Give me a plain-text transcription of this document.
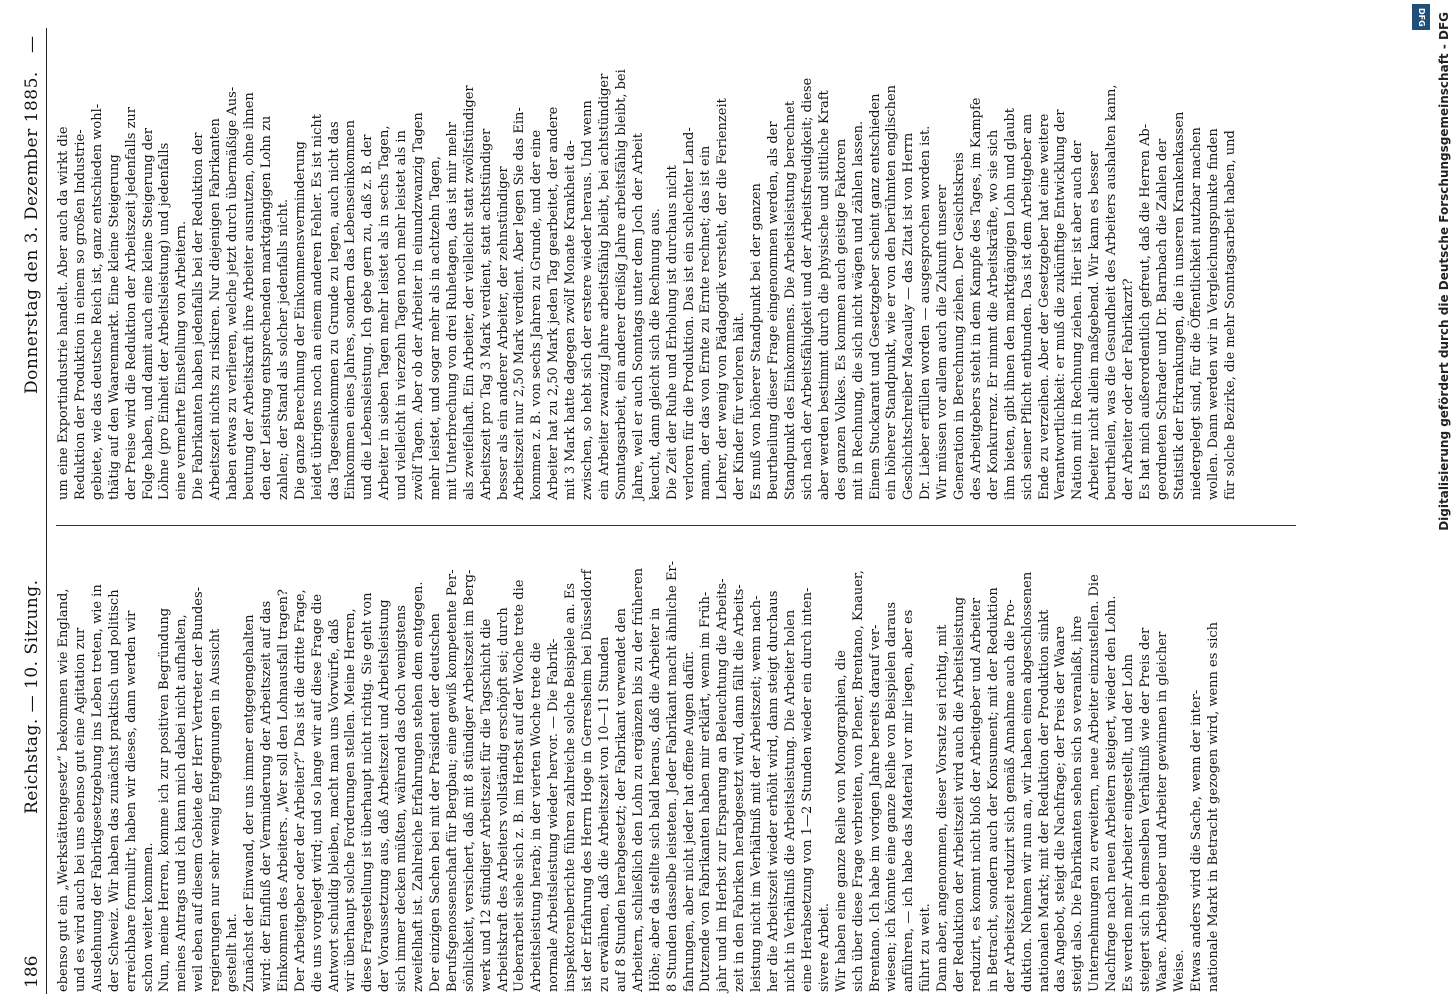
186
Reichstag. — 10. Sitzung.
Donnerstag den 3. Dezember 1885.
—
ebenso gut ein „Werkstättengesetz“ bekommen wie England, und es wird auch bei uns ebenso gut eine Agitation zur Ausdehnung der Fabrikgesetzgebung ins Leben treten, wie in der Schweiz. Wir haben das zunächst praktisch und politisch erreichbare formulirt; haben wir dieses, dann werden wir schon weiter kommen. Nun, meine Herren, komme ich zur positiven Begründung meines Antrags und ich kann mich dabei nicht aufhalten, weil eben auf diesem Gebiete der Herr Vertreter der Bundes- regierungen nur sehr wenig Entgegnungen in Aussicht gestellt hat. Zunächst der Einwand, der uns immer entgegengehalten wird: der Einfluß der Verminderung der Arbeitszeit auf das Einkommen des Arbeiters. „Wer soll den Lohnausfall tragen? Der Arbeitgeber oder der Arbeiter?“ Das ist die dritte Frage, die uns vorgelegt wird; und so lange wir auf diese Frage die Antwort schuldig bleiben, macht man uns Vorwürfe, daß wir überhaupt solche Forderungen stellen. Meine Herren, diese Fragestellung ist überhaupt nicht richtig. Sie geht von der Voraussetzung aus, daß Arbeitszeit und Arbeitsleistung sich immer decken müßten, während das doch wenigstens zweifelhaft ist. Zahlreiche Erfahrungen stehen dem entgegen. Der einzigen Sachen bei mit der Präsident der deutschen Berufsgenossenschaft für Bergbau; eine gewiß kompetente Per- sönlichkeit, versichert, daß mit 8 stündiger Arbeitszeit im Berg- werk und 12 stündiger Arbeitszeit für die Tagschicht die Arbeitskraft des Arbeiters vollständig erschöpft sei; durch Ueberarbeit siehe sich z. B. im Herbst auf der Woche trete die Arbeitsleistung herab; in der vierten Woche trete die normale Arbeitsleistung wieder hervor. — Die Fabrik- inspektorenberichte führen zahlreiche solche Beispiele an. Es ist der Erfahrung des Herrn Hoge in Gerresheim bei Düsseldorf zu erwähnen, daß die Arbeitszeit von 10—11 Stunden auf 8 Stunden herabgesetzt; der Fabrikant verwendet den Arbeitern, schließlich den Lohn zu ergänzen bis zu der früheren Höhe; aber da stellte sich bald heraus, daß die Arbeiter in 8 Stunden dasselbe leisteten. Jeder Fabrikant macht ähnliche Er- fahrungen, aber nicht jeder hat offene Augen dafür. Dutzende von Fabrikanten haben mir erklärt, wenn im Früh- jahr und im Herbst zur Ersparung an Beleuchtung die Arbeits- zeit in den Fabriken herabgesetzt wird, dann fällt die Arbeits- leistung nicht im Verhältniß mit der Arbeitszeit; wenn nach- her die Arbeitszeit wieder erhöht wird, dann steigt durchaus nicht in Verhältniß die Arbeitsleistung. Die Arbeiter holen eine Herabsetzung von 1—2 Stunden wieder ein durch inten- sivere Arbeit. Wir haben eine ganze Reihe von Monographien, die sich über diese Frage verbreiten, von Plener, Brentano, Knauer, Brentano. Ich habe im vorigen Jahre bereits darauf ver- wiesen; ich könnte eine ganze Reihe von Beispielen daraus anführen, — ich habe das Material vor mir liegen, aber es führt zu weit. Dann aber, angenommen, dieser Vorsatz sei richtig, mit der Reduktion der Arbeitszeit wird auch die Arbeitsleistung reduzirt, es kommt nicht bloß der Arbeitgeber und Arbeiter in Betracht, sondern auch der Konsument; mit der Reduktion der Arbeitszeit reduzirt sich gemäß Annahme auch die Pro- duktion. Nehmen wir nun an, wir haben einen abgeschlossenen nationalen Markt; mit der Reduktion der Produktion sinkt das Angebot, steigt die Nachfrage; der Preis der Waare steigt also. Die Fabrikanten sehen sich so veranlaßt, ihre Unternehmungen zu erweitern, neue Arbeiter einzustellen. Die Nachfrage nach neuen Arbeitern steigert, wieder den Lohn. Es werden mehr Arbeiter eingestellt, und der Lohn steigert sich in demselben Verhältniß wie der Preis der Waare. Arbeitgeber und Arbeiter gewinnen in gleicher Weise. Etwas anders wird die Sache, wenn der inter- nationale Markt in Betracht gezogen wird, wenn es sich
um eine Exportindustrie handelt. Aber auch da wirkt die Reduktion der Produktion in einem so großen Industrie- gebiete, wie das deutsche Reich ist, ganz entschieden wohl- thätig auf den Waarenmarkt. Eine kleine Steigerung der Preise wird die Reduktion der Arbeitszeit jedenfalls zur Folge haben, und damit auch eine kleine Steigerung der Löhne (pro Einheit der Arbeitsleistung) und jedenfalls eine vermehrte Einstellung von Arbeitern. Die Fabrikanten haben jedenfalls bei der Reduktion der Arbeitszeit nichts zu riskiren. Nur diejenigen Fabrikanten haben etwas zu verlieren, welche jetzt durch übermäßige Aus- beutung der Arbeitskraft ihre Arbeiter ausnutzen, ohne ihnen den der Leistung entsprechenden marktgängigen Lohn zu zahlen; der Stand als solcher jedenfalls nicht. Die ganze Berechnung der Einkommensverminderung leidet übrigens noch an einem anderen Fehler. Es ist nicht das Tageseinkommen zu Grunde zu legen, auch nicht das Einkommen eines Jahres, sondern das Lebenseinkommen und die Lebensleistung. Ich gebe gern zu, daß z. B. der Arbeiter in sieben Tagen mehr leistet als in sechs Tagen, und vielleicht in vierzehn Tagen noch mehr leistet als in zwölf Tagen. Aber ob der Arbeiter in einundzwanzig Tagen mehr leistet, und sogar mehr als in achtzehn Tagen, mit Unterbrechung von drei Ruhetagen, das ist mir mehr als zweifelhaft. Ein Arbeiter, der vielleicht statt zwölfstündiger Arbeitszeit pro Tag 3 Mark verdient, statt achtstündiger besser als ein anderer Arbeiter, der zehnstündiger Arbeitszeit nur 2,50 Mark verdient. Aber legen Sie das Ein- kommen z. B. von sechs Jahren zu Grunde, und der eine Arbeiter hat zu 2,50 Mark jeden Tag gearbeitet, der andere mit 3 Mark hatte dagegen zwölf Monate Krankheit da- zwischen, so hebt sich der erstere wieder heraus. Und wenn ein Arbeiter zwanzig Jahre arbeitsfähig bleibt, bei achtstündiger Sonntagsarbeit, ein anderer dreißig Jahre arbeitsfähig bleibt, bei Jahre, weil er auch Sonntags unter dem Joch der Arbeit keucht, dann gleicht sich die Rechnung aus. Die Zeit der Ruhe und Erholung ist durchaus nicht verloren für die Produktion. Das ist ein schlechter Land- mann, der das von Ernte zu Ernte rechnet; das ist ein Lehrer, der wenig von Pädagogik versteht, der die Ferienzeit der Kinder für verloren hält. Es muß von höherer Standpunkt bei der ganzen Beurtheilung dieser Frage eingenommen werden, als der Standpunkt des Einkommens. Die Arbeitsleistung berechnet sich nach der Arbeitsfähigkeit und der Arbeitsfreudigkeit; diese aber werden bestimmt durch die physische und sittliche Kraft des ganzen Volkes. Es kommen auch geistige Faktoren mit in Rechnung, die sich nicht wägen und zählen lassen. Einem Stuckarant und Gesetzgeber scheint ganz entschieden ein höherer Standpunkt, wie er von den berühmten englischen Geschichtschreiber Macaulay — das Zitat ist von Herrn Dr. Lieber erfüllen worden — ausgesprochen worden ist. Wir müssen vor allem auch die Zukunft unserer Generation in Berechnung ziehen. Der Gesichtskreis des Arbeitgebers steht in dem Kampfe des Tages, im Kampfe der Konkurrenz. Er nimmt die Arbeitskräfte, wo sie sich ihm bieten, gibt ihnen den marktgängigen Lohn und glaubt sich seiner Pflicht entbunden. Das ist dem Arbeitgeber am Ende zu verzeihen. Aber der Gesetzgeber hat eine weitere Verantwortlichkeit: er muß die zukünftige Entwicklung der Nation mit in Rechnung ziehen. Hier ist aber auch der Arbeiter nicht allein maßgebend. Wir kann es besser beurtheilen, was die Gesundheit des Arbeiters aushalten kann, der Arbeiter oder der Fabrikarzt? Es hat mich außerordentlich gefreut, daß die Herren Ab- geordneten Schrader und Dr. Barnbach die Zahlen der Statistik der Erkrankungen, die in unseren Krankenkassen niedergelegt sind, für die Öffentlichkeit nutzbar machen wollen. Dann werden wir in Vergleichungspunkte finden für solche Bezirke, die mehr Sonntagsarbeit haben, und	Digitalisierung gefördert durch die Deutsche Forschungsgemeinschaft - DFG
DFG
